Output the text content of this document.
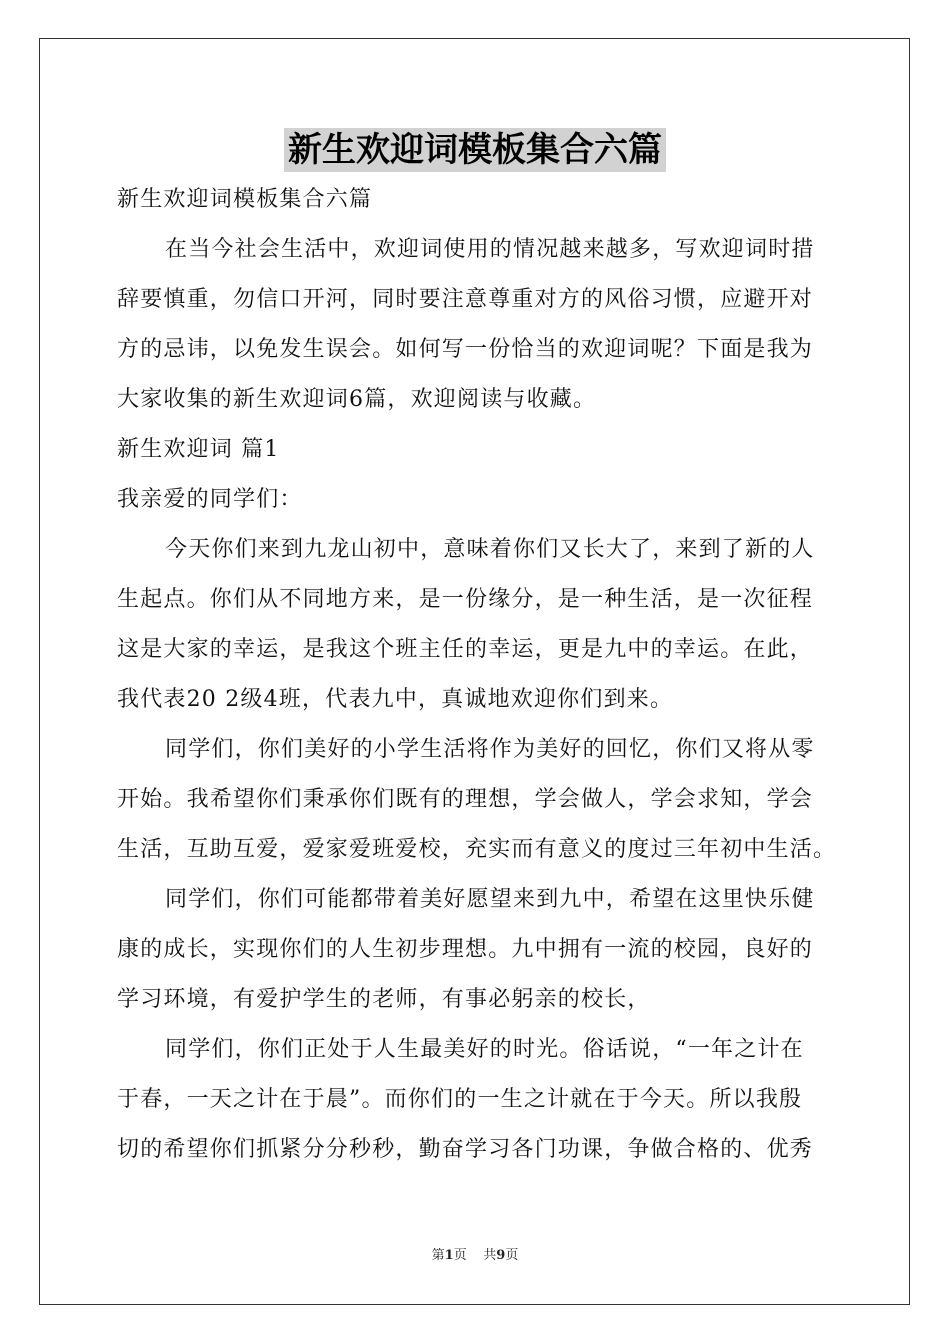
新生欢迎词模板集合六篇
新生欢迎词模板集合六篇
在当今社会生活中，欢迎词使用的情况越来越多，写欢迎词时措
辞要慎重，勿信口开河，同时要注意尊重对方的风俗习惯，应避开对
方的忌讳，以免发生误会。如何写一份恰当的欢迎词呢？下面是我为
大家收集的新生欢迎词6篇，欢迎阅读与收藏。
新生欢迎词 篇1
我亲爱的同学们：
今天你们来到九龙山初中，意味着你们又长大了，来到了新的人
生起点。你们从不同地方来，是一份缘分，是一种生活，是一次征程
这是大家的幸运，是我这个班主任的幸运，更是九中的幸运。在此，
我代表20 2级4班，代表九中，真诚地欢迎你们到来。
同学们，你们美好的小学生活将作为美好的回忆，你们又将从零
开始。我希望你们秉承你们既有的理想，学会做人，学会求知，学会
生活，互助互爱，爱家爱班爱校，充实而有意义的度过三年初中生活。
同学们，你们可能都带着美好愿望来到九中，希望在这里快乐健
康的成长，实现你们的人生初步理想。九中拥有一流的校园，良好的
学习环境，有爱护学生的老师，有事必躬亲的校长，
同学们，你们正处于人生最美好的时光。俗话说，“一年之计在
于春，一天之计在于晨”。而你们的一生之计就在于今天。所以我殷
切的希望你们抓紧分分秒秒，勤奋学习各门功课，争做合格的、优秀
第1页 共9页
